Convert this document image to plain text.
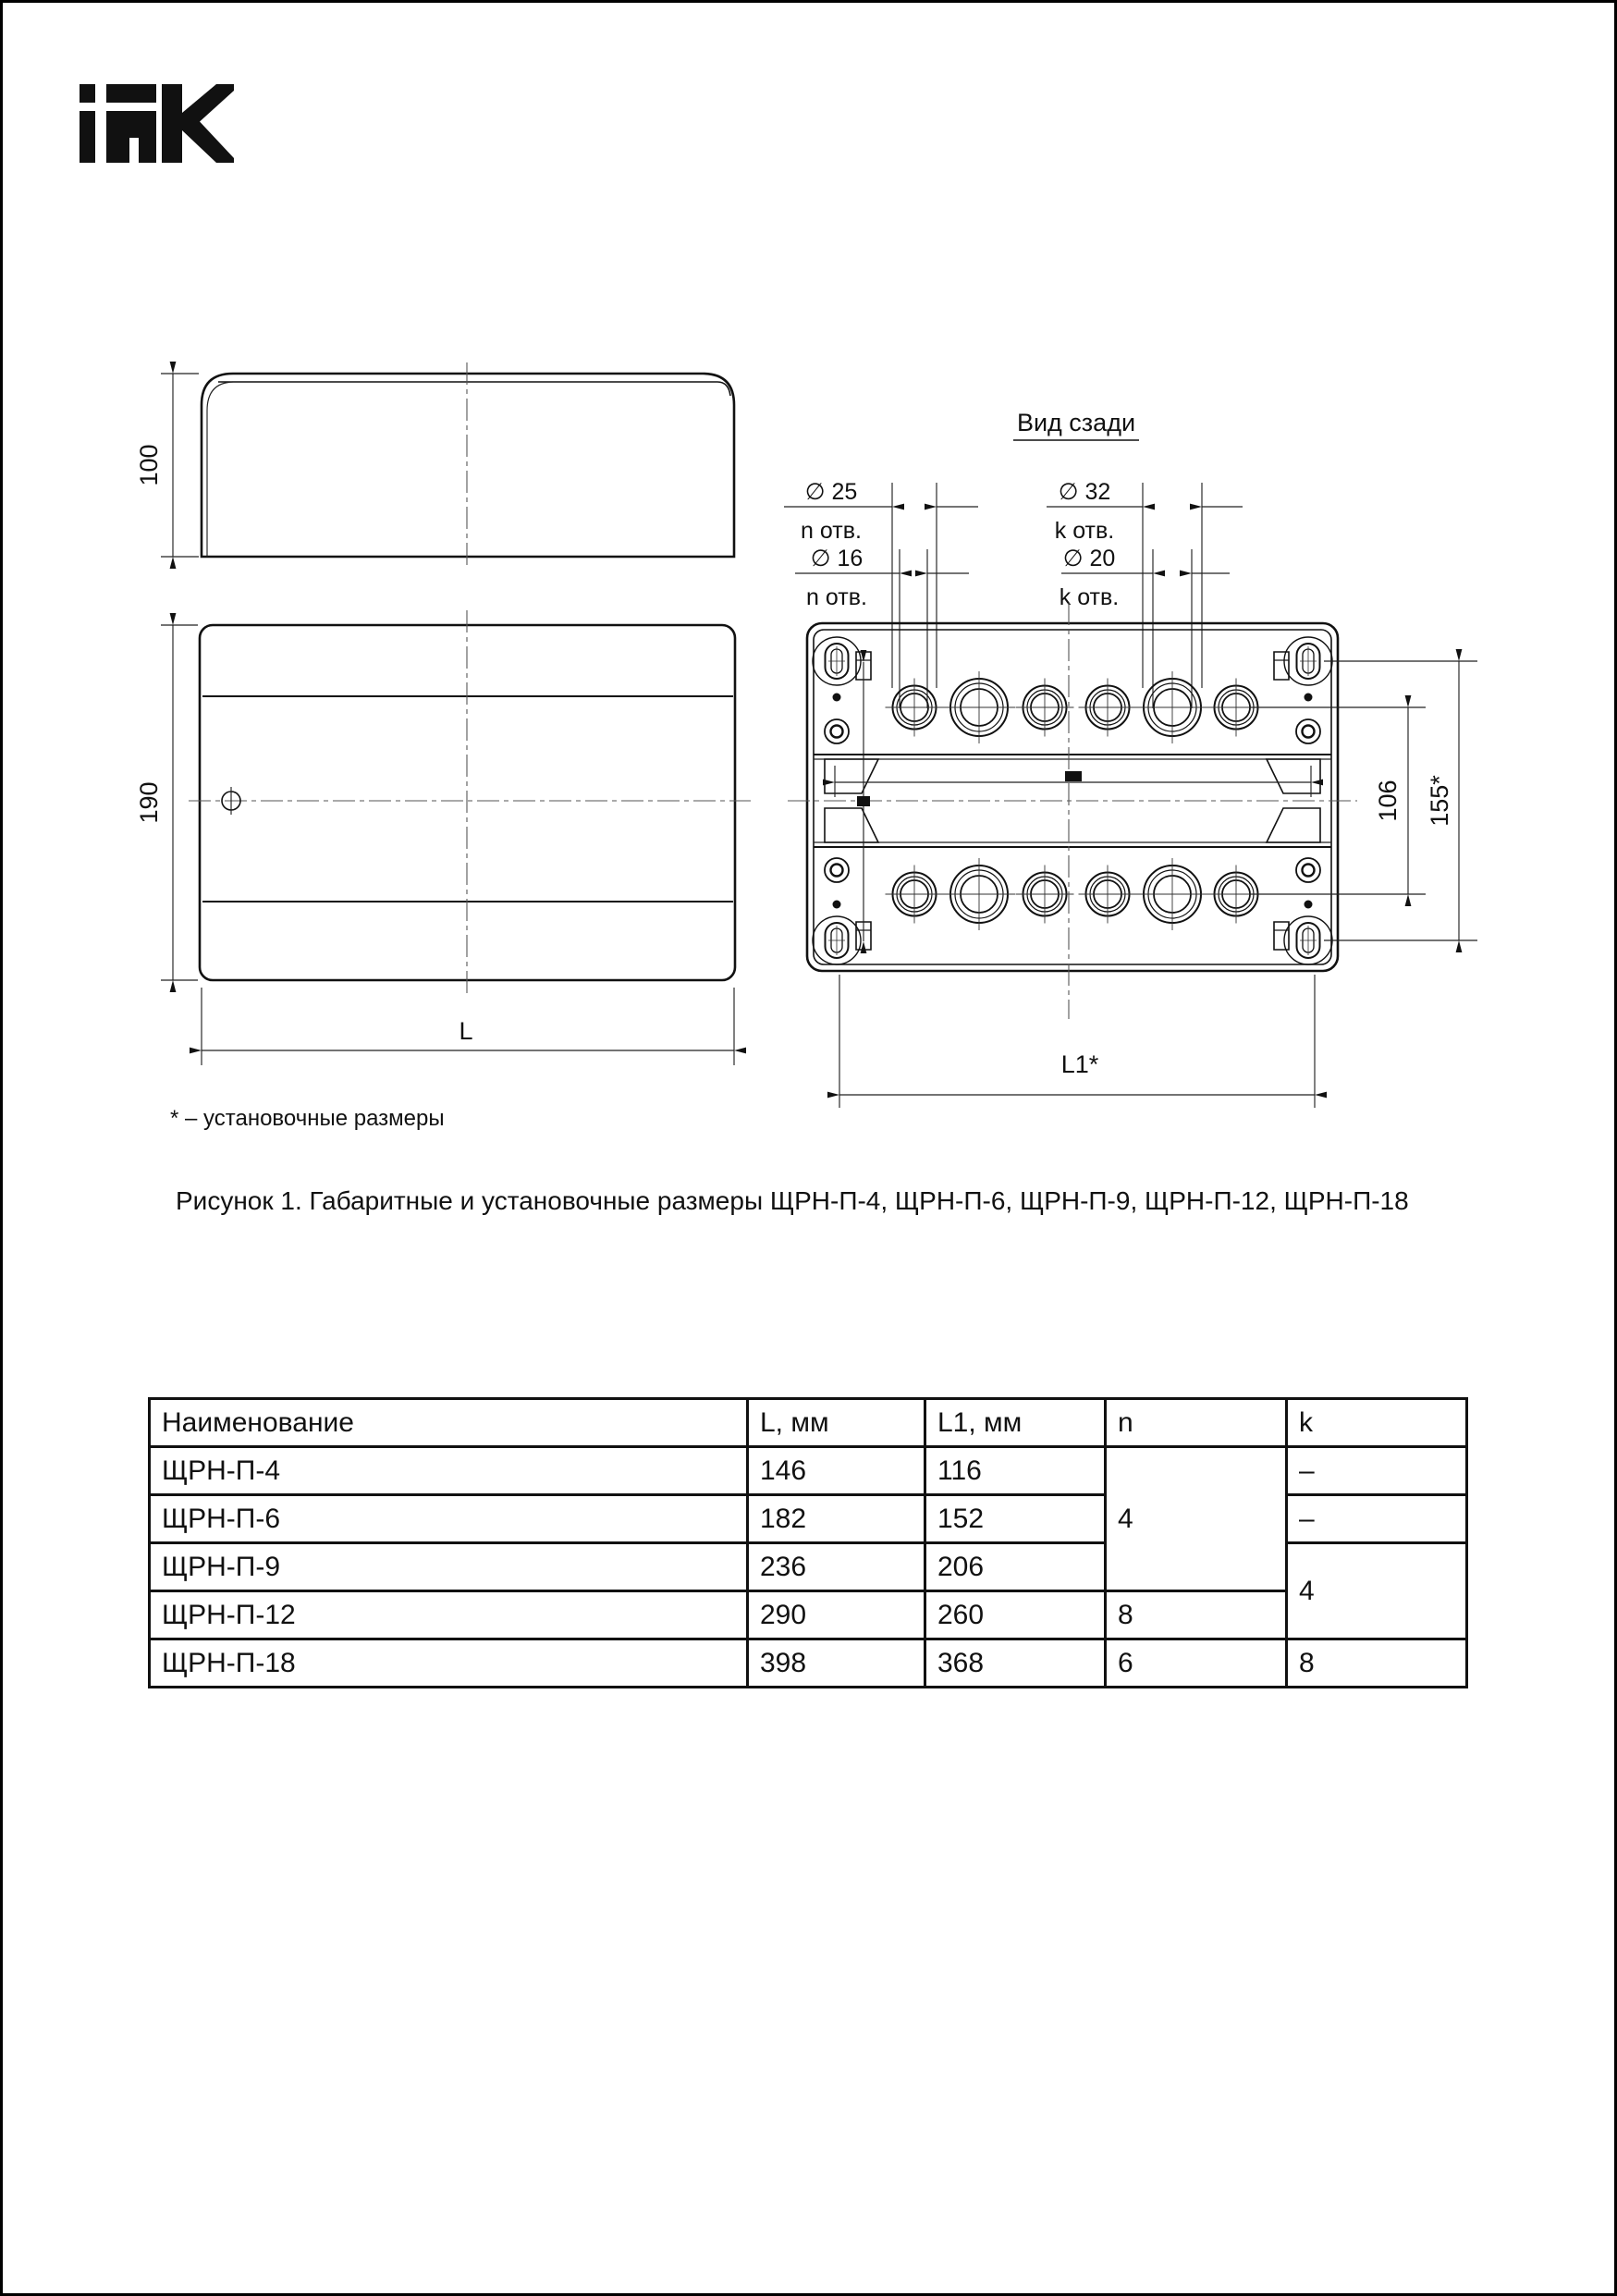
100
190
L
Вид сзади
∅ 25
n отв.
∅ 16
n отв.
∅ 32
k отв.
∅ 20
k отв.
106 155*
L1*
* – установочные размеры
Рисунок 1. Габаритные и установочные размеры ЩРН-П-4, ЩРН-П-6, ЩРН-П-9, ЩРН-П-12, ЩРН-П-18
Наименование	L, мм	L1, мм	n	k
ЩРН-П-4	146	116	4	–
ЩРН-П-6	182	152		–
ЩРН-П-9	236	206		4
ЩРН-П-12	290	260	8	
ЩРН-П-18	398	368	6	8
